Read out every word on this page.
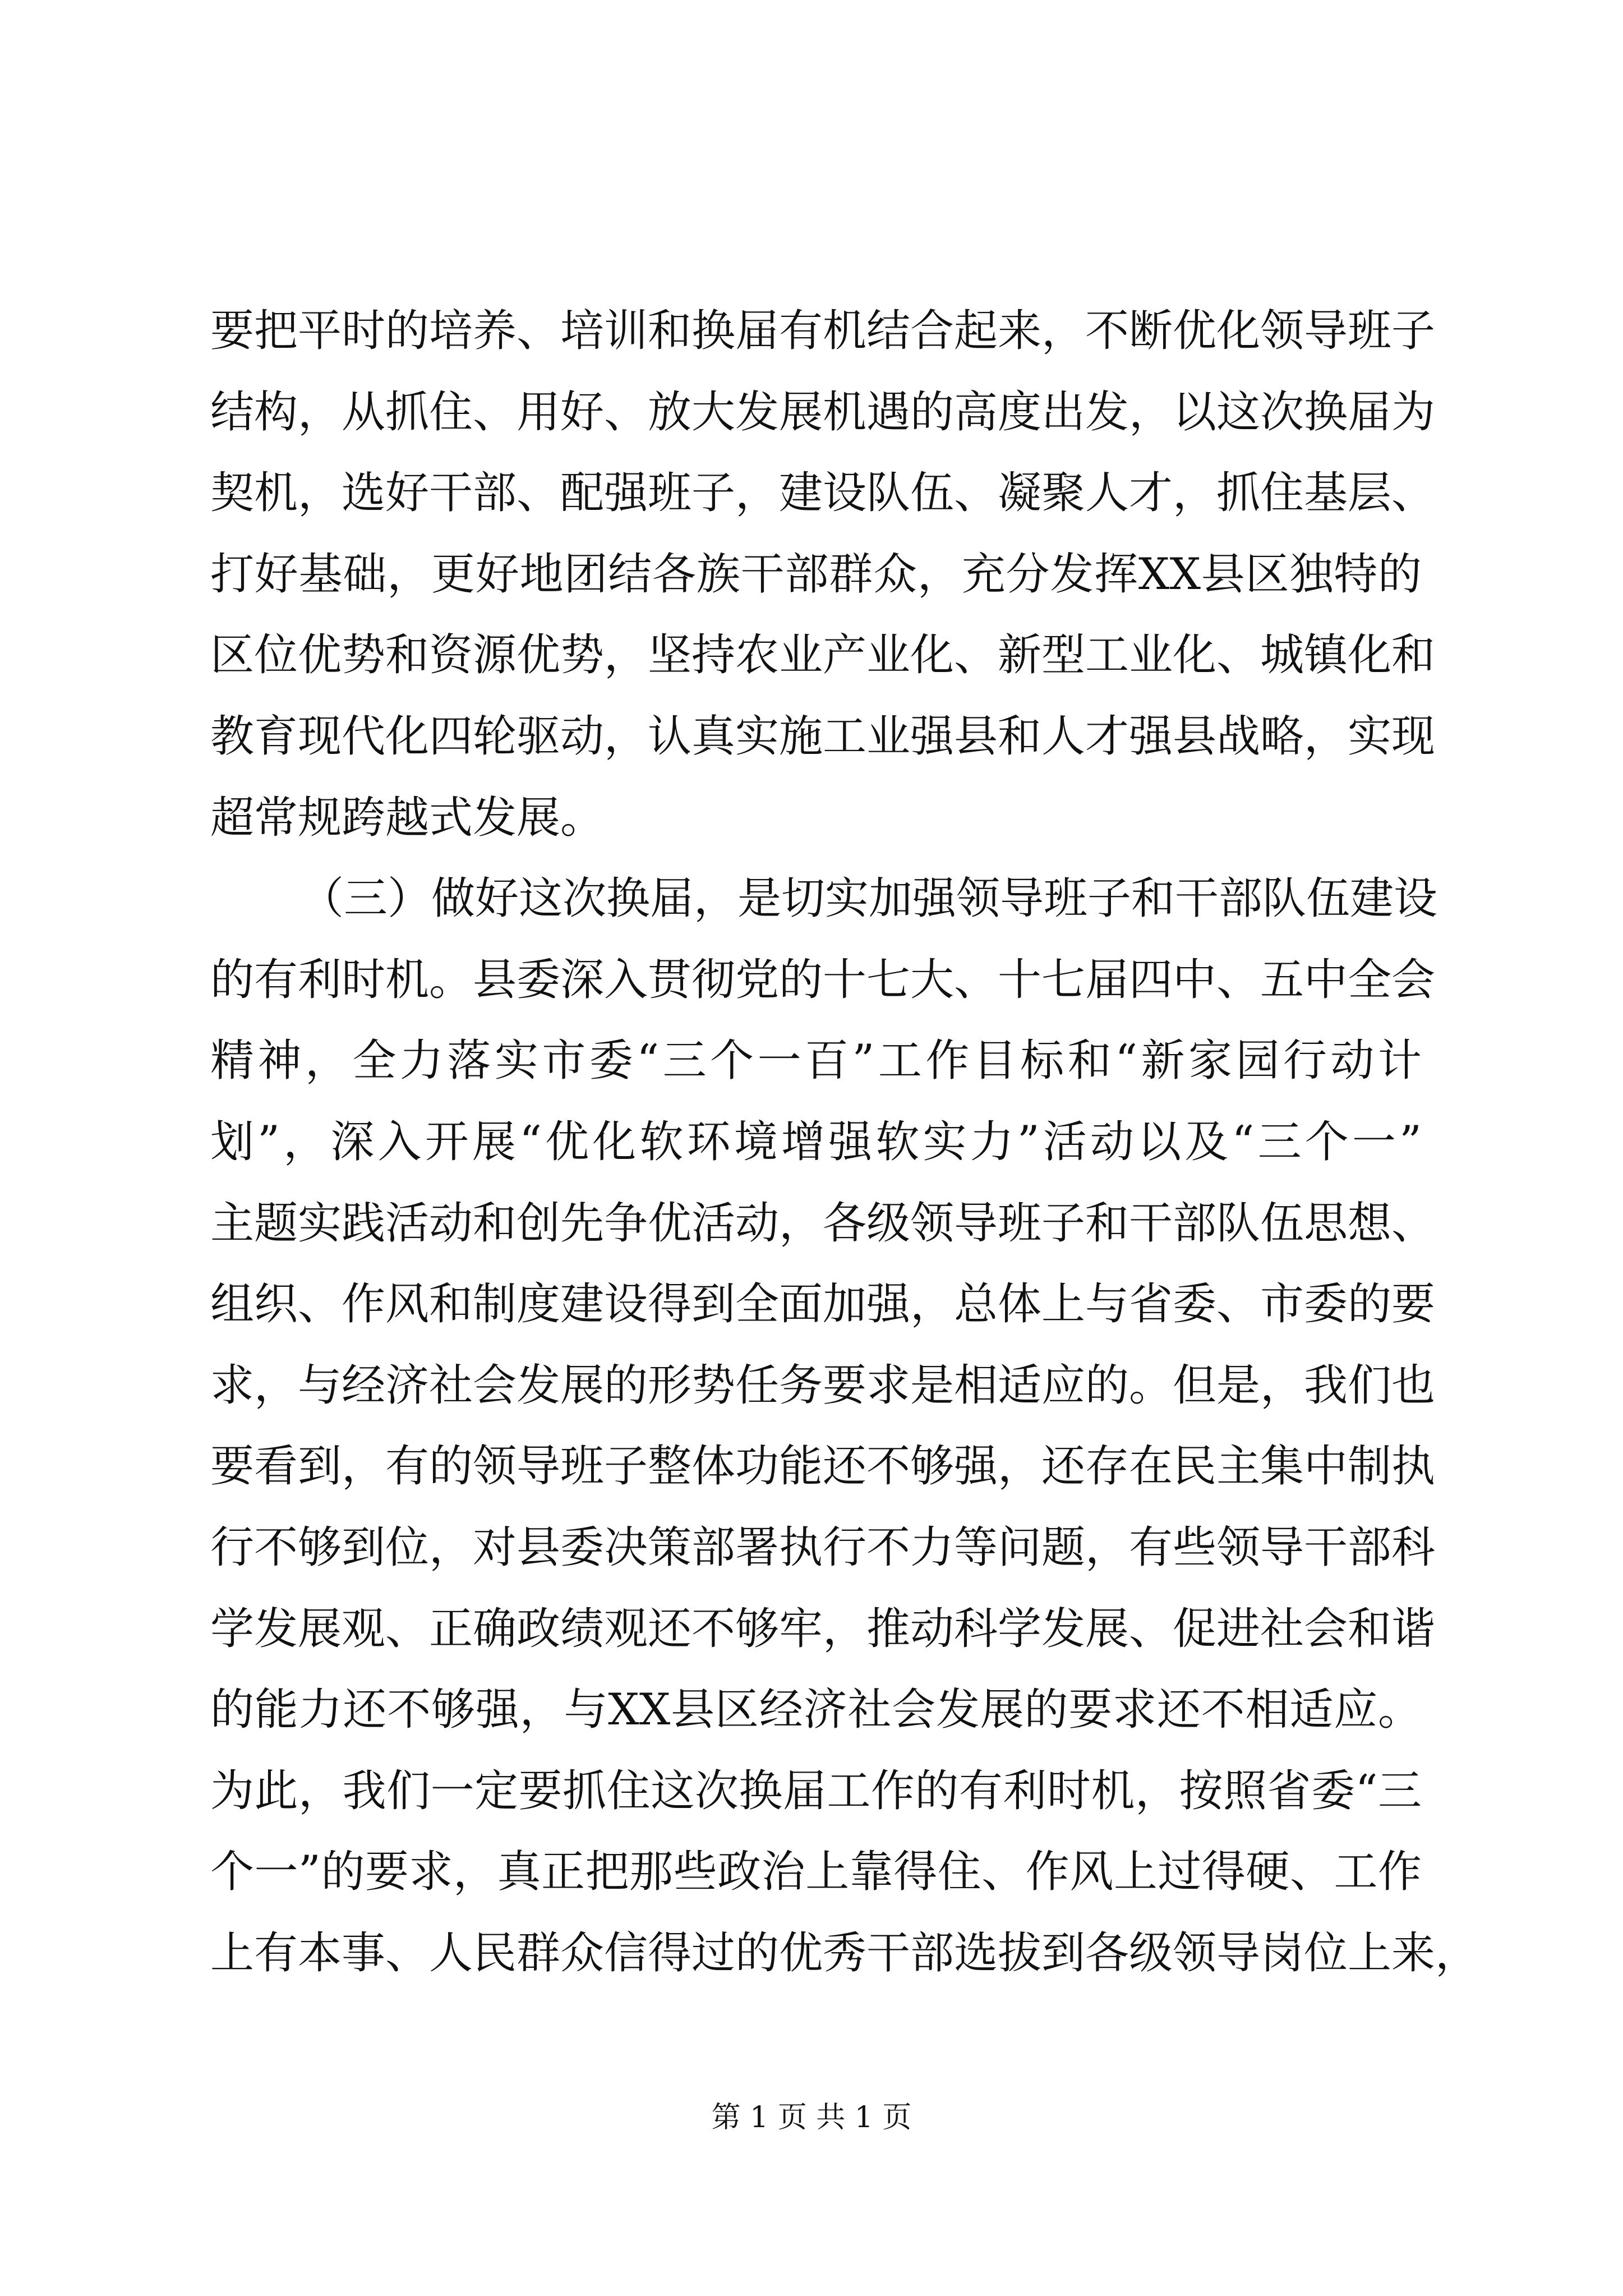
要把平时的培养、培训和换届有机结合起来，不断优化领导班子
结构，从抓住、用好、放大发展机遇的高度出发，以这次换届为
契机，选好干部、配强班子，建设队伍、凝聚人才，抓住基层、
打好基础，更好地团结各族干部群众，充分发挥XX县区独特的
区位优势和资源优势，坚持农业产业化、新型工业化、城镇化和
教育现代化四轮驱动，认真实施工业强县和人才强县战略，实现
超常规跨越式发展。
（三）做好这次换届，是切实加强领导班子和干部队伍建设
的有利时机。县委深入贯彻党的十七大、十七届四中、五中全会
精神，全力落实市委“三个一百”工作目标和“新家园行动计
划”，深入开展“优化软环境增强软实力”活动以及“三个一”
主题实践活动和创先争优活动，各级领导班子和干部队伍思想、
组织、作风和制度建设得到全面加强，总体上与省委、市委的要
求，与经济社会发展的形势任务要求是相适应的。但是，我们也
要看到，有的领导班子整体功能还不够强，还存在民主集中制执
行不够到位，对县委决策部署执行不力等问题，有些领导干部科
学发展观、正确政绩观还不够牢，推动科学发展、促进社会和谐
的能力还不够强，与XX县区经济社会发展的要求还不相适应。
为此，我们一定要抓住这次换届工作的有利时机，按照省委“三
个一”的要求，真正把那些政治上靠得住、作风上过得硬、工作
上有本事、人民群众信得过的优秀干部选拔到各级领导岗位上来，
第 1 页 共 1 页
